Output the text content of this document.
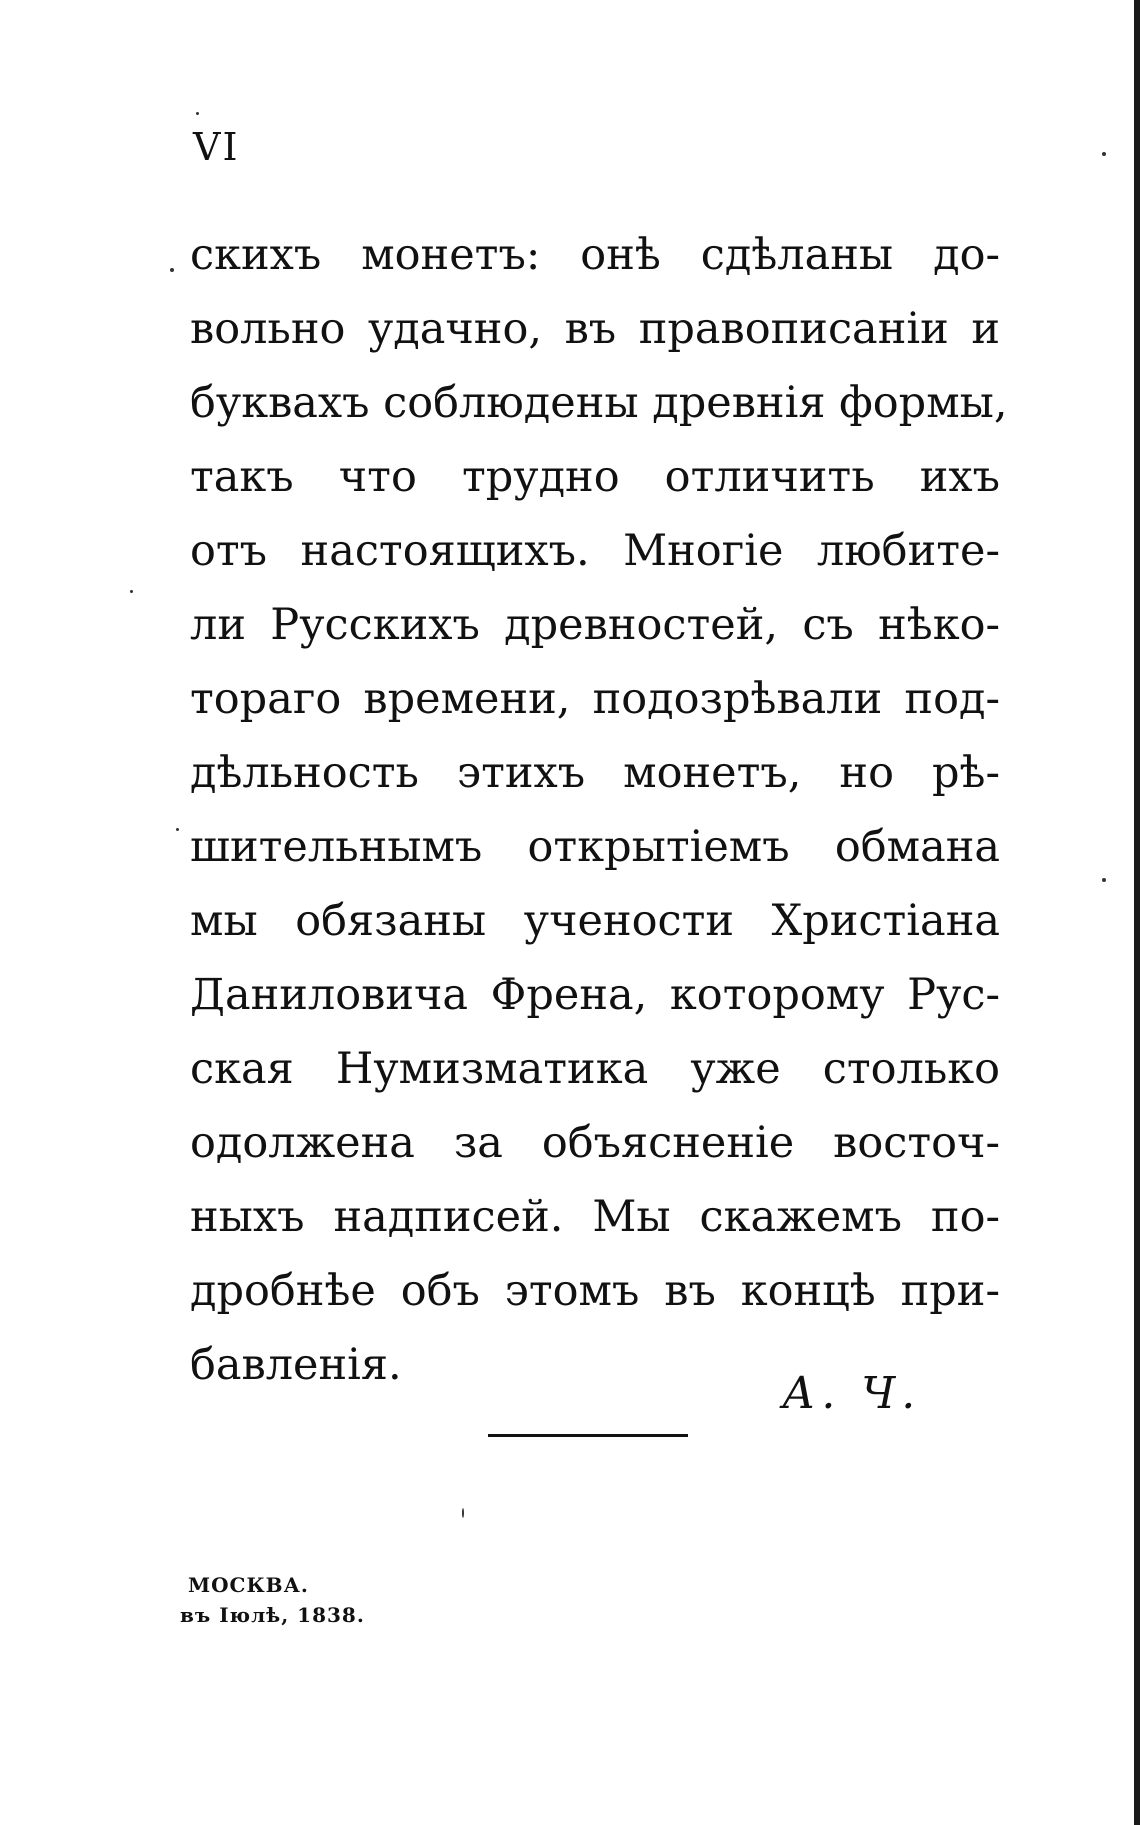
VI
скихъ монетъ: онѣ сдѣланы до-
вольно удачно, въ правописанiи и
буквахъ соблюдены древнiя формы,
такъ что трудно отличить ихъ
отъ настоящихъ. Многiе любите-
ли Русскихъ древностей, съ нѣко-
тораго времени, подозрѣвали под-
дѣльность этихъ монетъ, но рѣ-
шительнымъ открытiемъ обмана
мы обязаны учености Христiана
Даниловича Френа, которому Рус-
ская Нумизматика уже столько
одолжена за объясненiе восточ-
ныхъ надписей. Мы скажемъ по-
дробнѣе объ этомъ въ концѣ при-
бавленiя.
А. Ч.
МОСКВА.
въ Iюлѣ, 1838.
